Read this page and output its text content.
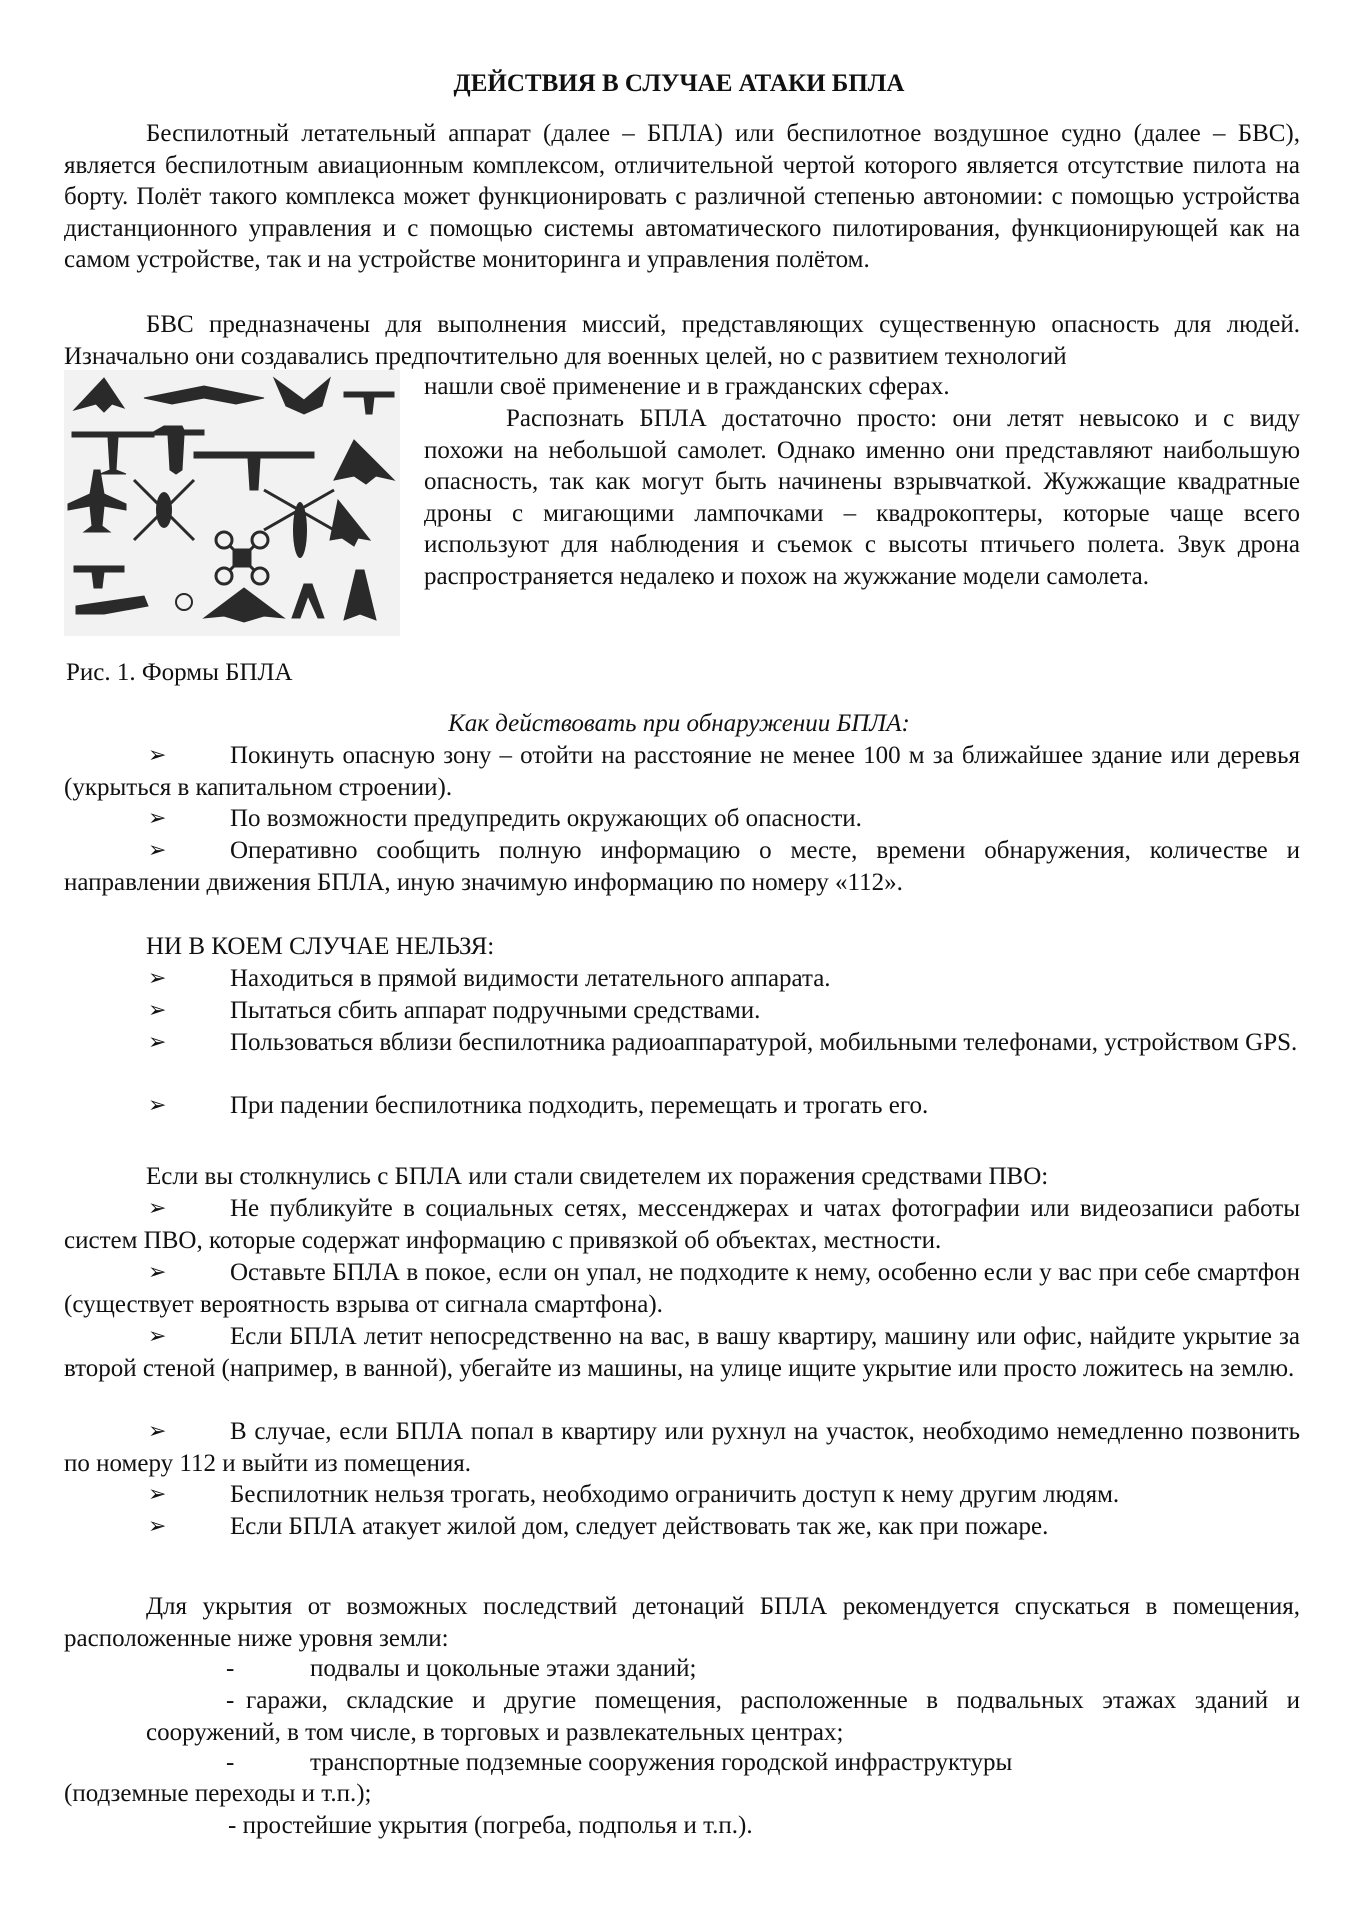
ДЕЙСТВИЯ В СЛУЧАЕ АТАКИ БПЛА
Беспилотный летательный аппарат (далее – БПЛА) или беспилотное воздушное судно (далее – БВС), является беспилотным авиационным комплексом, отличительной чертой которого является отсутствие пилота на борту. Полёт такого комплекса может функционировать с различной степенью автономии: с помощью устройства дистанционного управления и с помощью системы автоматического пилотирования, функционирующей как на самом устройстве, так и на устройстве мониторинга и управления полётом.
БВС предназначены для выполнения миссий, представляющих существенную опасность для людей. Изначально они создавались предпочтительно для военных целей, но с развитием технологий
нашли своё применение и в гражданских сферах.
Распознать БПЛА достаточно просто: они летят невысоко и с виду похожи на небольшой самолет. Однако именно они представляют наибольшую опасность, так как могут быть начинены взрывчаткой. Жужжащие квадратные дроны с мигающими лампочками – квадрокоптеры, которые чаще всего используют для наблюдения и съемок с высоты птичьего полета. Звук дрона распространяется недалеко и похож на жужжание модели самолета.
Рис. 1. Формы БПЛА
Как действовать при обнаружении БПЛА:
➢	Покинуть опасную зону – отойти на расстояние не менее 100 м за ближайшее здание или деревья (укрыться в капитальном строении).
➢	По возможности предупредить окружающих об опасности.
➢	Оперативно сообщить полную информацию о месте, времени обнаружения, количестве и направлении движения БПЛА, иную значимую информацию по номеру «112».
НИ В КОЕМ СЛУЧАЕ НЕЛЬЗЯ:
➢	Находиться в прямой видимости летательного аппарата.
➢	Пытаться сбить аппарат подручными средствами.
➢	Пользоваться вблизи беспилотника радиоаппаратурой, мобильными телефонами, устройством GPS.
➢	При падении беспилотника подходить, перемещать и трогать его.
Если вы столкнулись с БПЛА или стали свидетелем их поражения средствами ПВО:
➢	Не публикуйте в социальных сетях, мессенджерах и чатах фотографии или видеозаписи работы систем ПВО, которые содержат информацию с привязкой об объектах, местности.
➢	Оставьте БПЛА в покое, если он упал, не подходите к нему, особенно если у вас при себе смартфон (существует вероятность взрыва от сигнала смартфона).
➢	Если БПЛА летит непосредственно на вас, в вашу квартиру, машину или офис, найдите укрытие за второй стеной (например, в ванной), убегайте из машины, на улице ищите укрытие или просто ложитесь на землю.
➢	В случае, если БПЛА попал в квартиру или рухнул на участок, необходимо немедленно позвонить по номеру 112 и выйти из помещения.
➢	Беспилотник нельзя трогать, необходимо ограничить доступ к нему другим людям.
➢	Если БПЛА атакует жилой дом, следует действовать так же, как при пожаре.
Для укрытия от возможных последствий детонаций БПЛА рекомендуется спускаться в помещения, расположенные ниже уровня земли:
-	подвалы и цокольные этажи зданий;
- гаражи, складские и другие помещения, расположенные в подвальных этажах зданий и сооружений, в том числе, в торговых и развлекательных центрах;
-	транспортные подземные сооружения городской инфраструктуры
(подземные переходы и т.п.);
- простейшие укрытия (погреба, подполья и т.п.).
